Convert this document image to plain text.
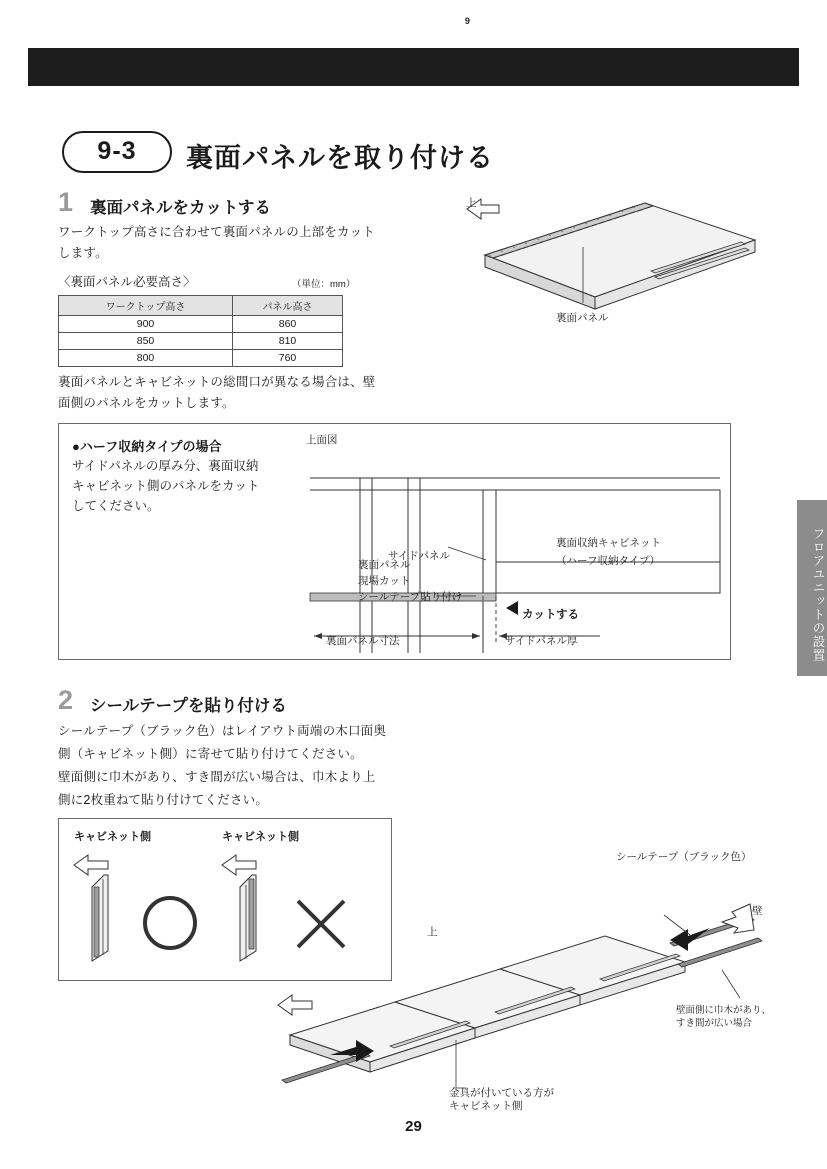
9 裏面パネルを取り付ける（テーブルタイプ、ハーフ収納タイプの場合）
9-3	裏面パネルを取り付ける
1 裏面パネルをカットする
ワークトップ高さに合わせて裏面パネルの上部をカット
します。
〈裏面パネル必要高さ〉	（単位：mm）
ワークトップ高さ	パネル高さ
900	860
850	810
800	760
裏面パネルとキャビネットの総間口が異なる場合は、壁
面側のパネルをカットします。
上
裏面パネル
●ハーフ収納タイプの場合
サイドパネルの厚み分、裏面収納
キャビネット側のパネルをカット
してください。
上面図
サイドパネル
裏面パネル
現場カット
シールテープ貼り付け
カットする
裏面パネル寸法	サイドパネル厚
裏面収納キャビネット
（ハーフ収納タイプ）	フロアユニットの設置
2 シールテープを貼り付ける
シールテープ（ブラック色）はレイアウト両端の木口面奥
側（キャビネット側）に寄せて貼り付けてください。
壁面側に巾木があり、すき間が広い場合は、巾木より上
側に2枚重ねて貼り付けてください。
キャビネット側	キャビネット側
上
シールテープ（ブラック色）
壁
金具が付いている方が
キャビネット側
壁面側に巾木があり、
すき間が広い場合
29
